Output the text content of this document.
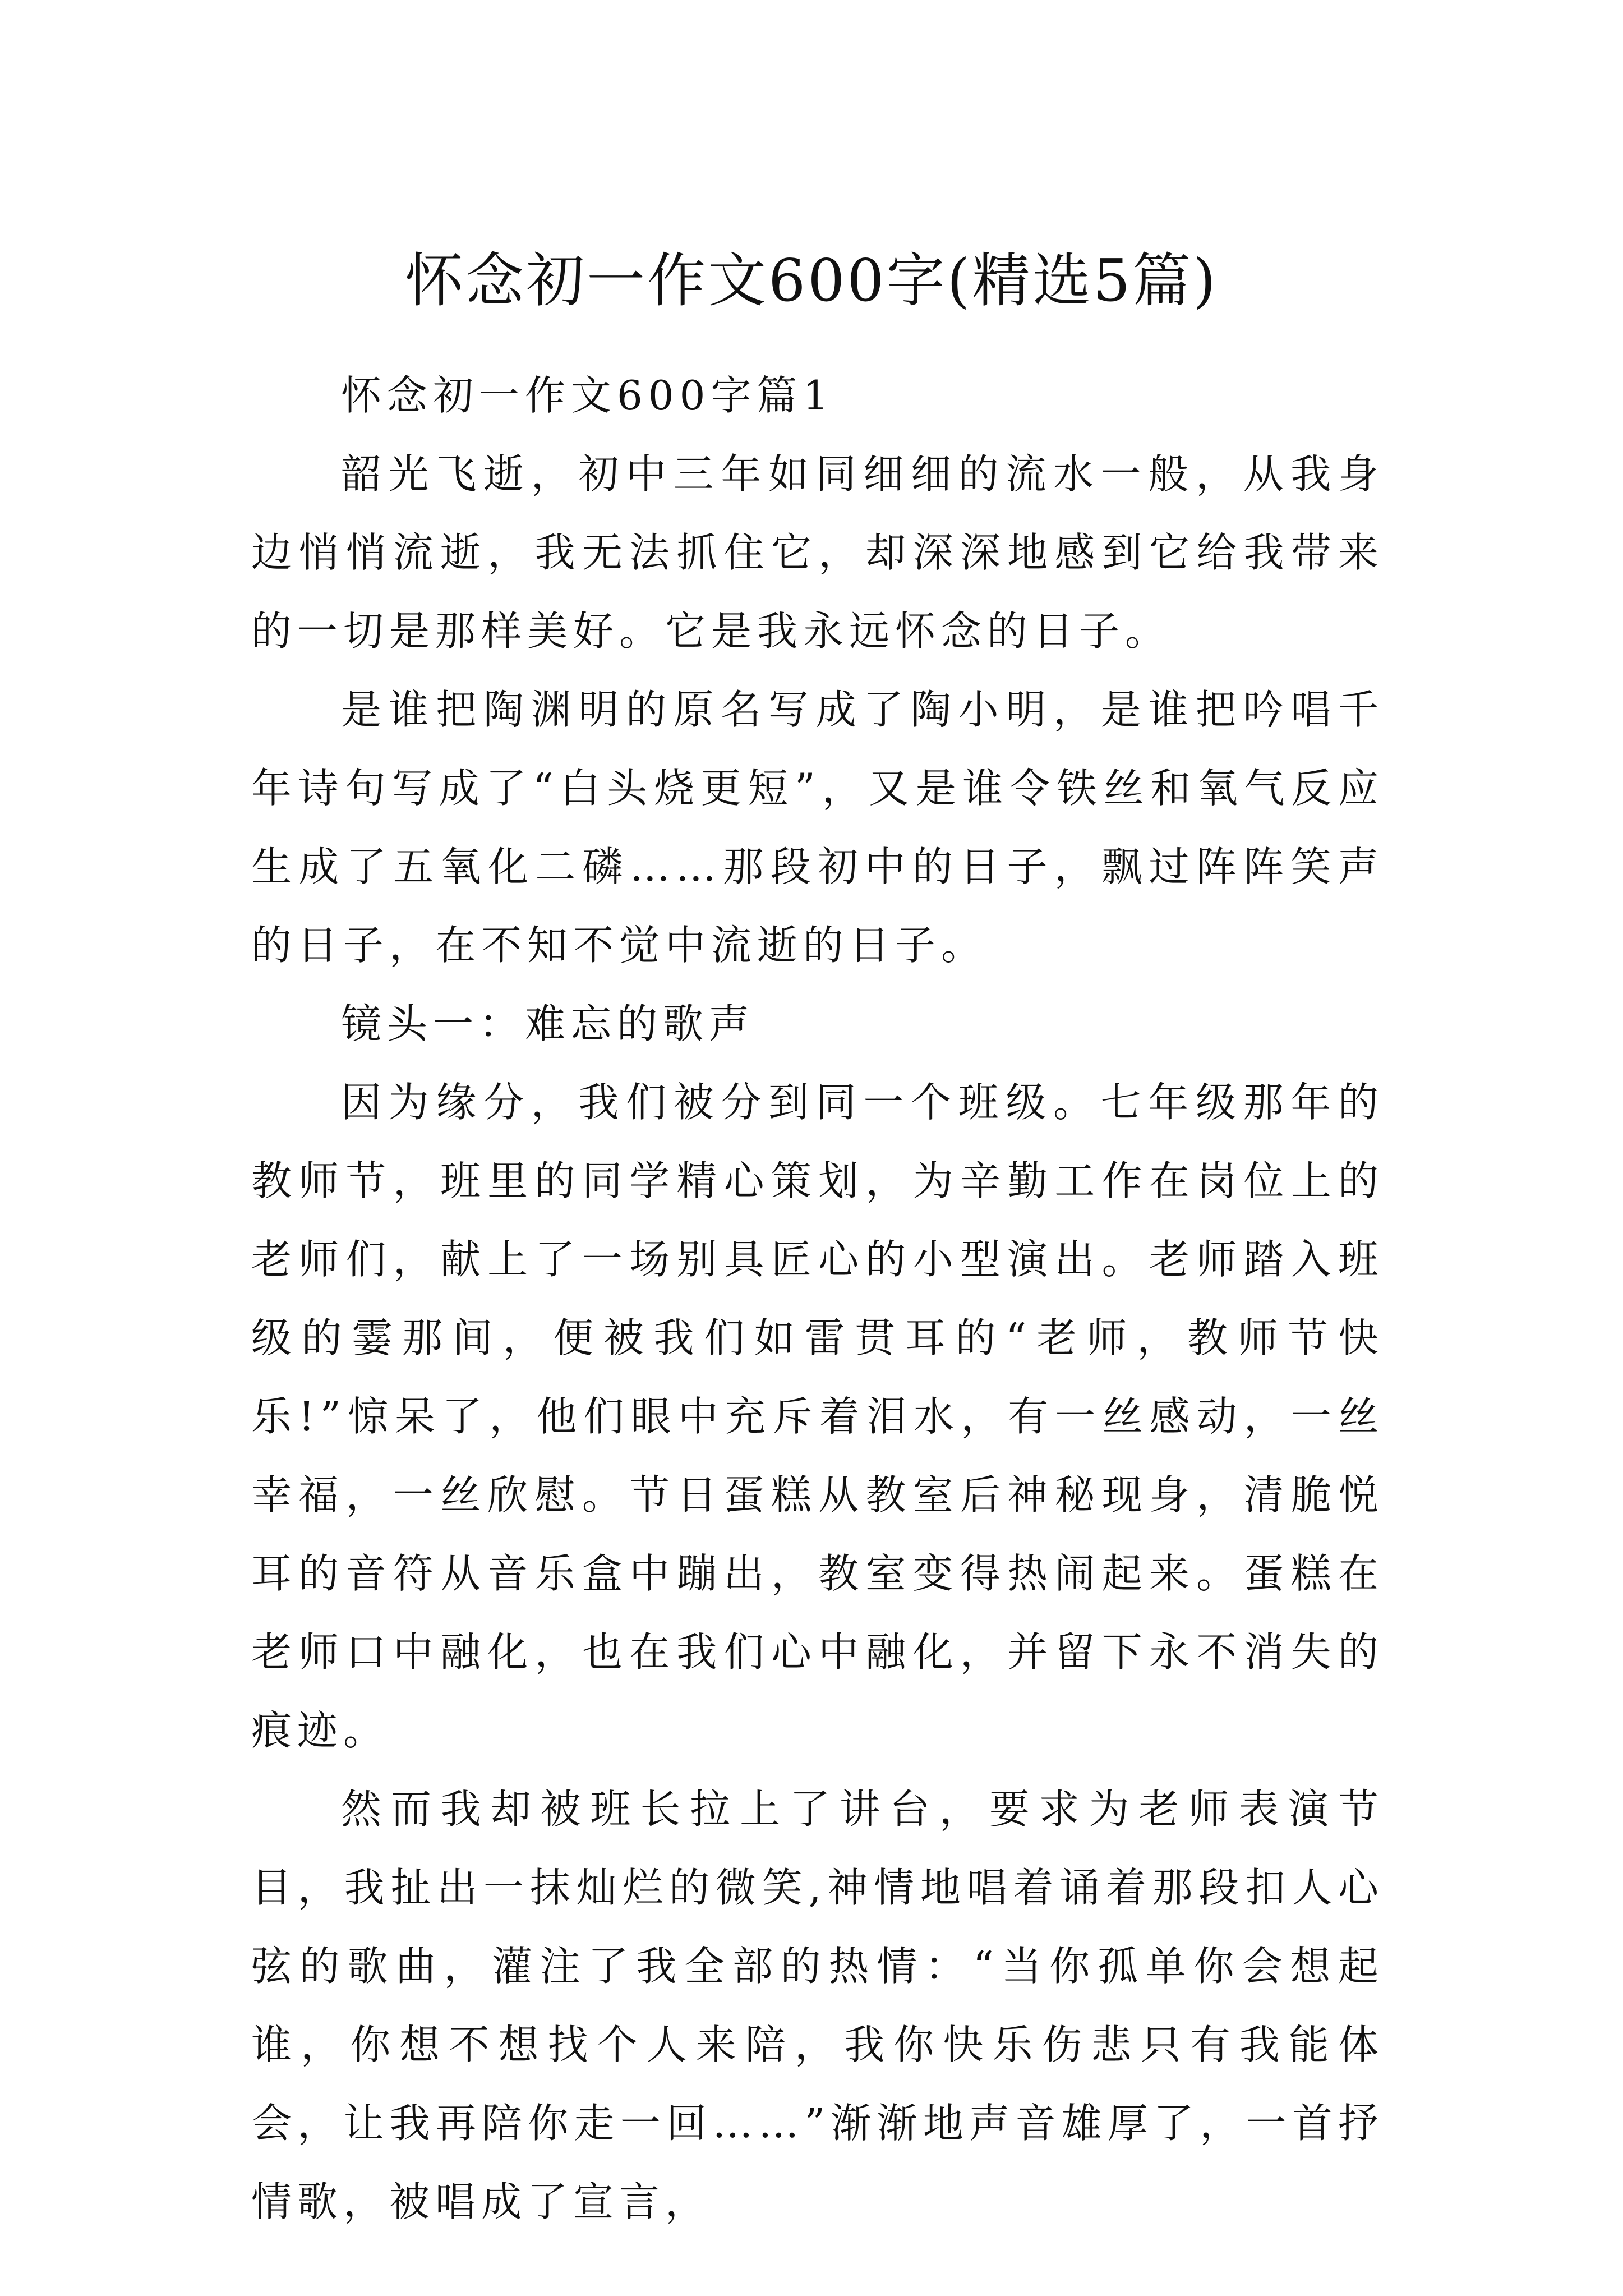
怀念初一作文600字(精选5篇)

怀念初一作文600字篇1

韶光飞逝，初中三年如同细细的流水一般，从我身边悄悄流逝，我无法抓住它，却深深地感到它给我带来的一切是那样美好。它是我永远怀念的日子。

是谁把陶渊明的原名写成了陶小明，是谁把吟唱千年诗句写成了“白头烧更短”，又是谁令铁丝和氧气反应生成了五氧化二磷……那段初中的日子，飘过阵阵笑声的日子，在不知不觉中流逝的日子。

镜头一：难忘的歌声

因为缘分，我们被分到同一个班级。七年级那年的教师节，班里的同学精心策划，为辛勤工作在岗位上的老师们，献上了一场别具匠心的小型演出。老师踏入班级的霎那间，便被我们如雷贯耳的“老师，教师节快乐!”惊呆了，他们眼中充斥着泪水，有一丝感动，一丝幸福，一丝欣慰。节日蛋糕从教室后神秘现身，清脆悦耳的音符从音乐盒中蹦出，教室变得热闹起来。蛋糕在老师口中融化，也在我们心中融化，并留下永不消失的痕迹。

然而我却被班长拉上了讲台，要求为老师表演节目，我扯出一抹灿烂的微笑,神情地唱着诵着那段扣人心弦的歌曲，灌注了我全部的热情：“当你孤单你会想起谁，你想不想找个人来陪，我你快乐伤悲只有我能体会，让我再陪你走一回……”渐渐地声音雄厚了，一首抒情歌，被唱成了宣言，
